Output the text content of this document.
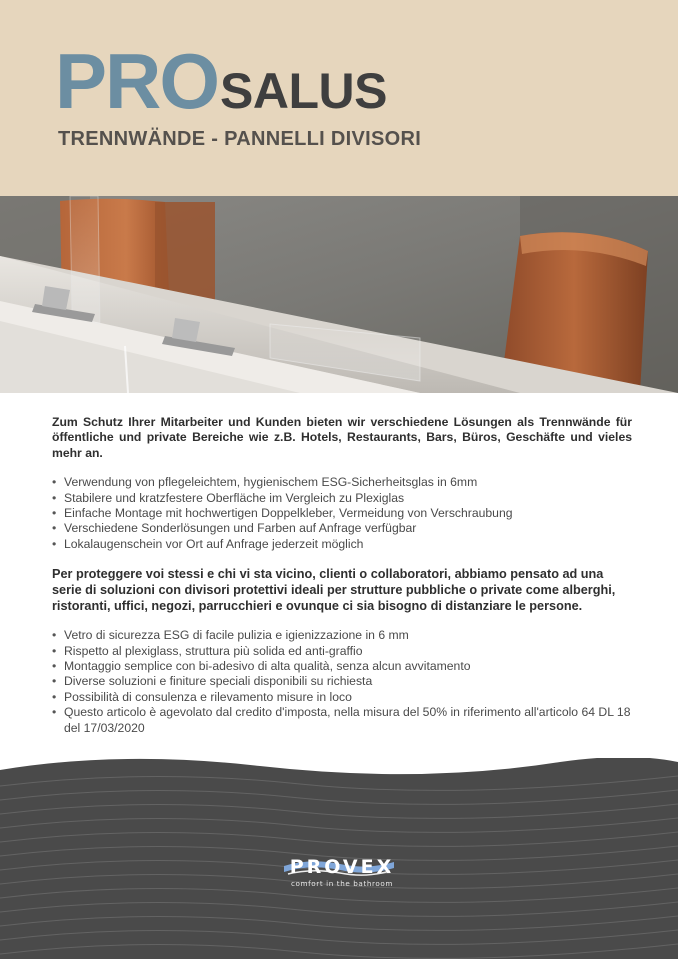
PROSALUS
TRENNWÄNDE - PANNELLI DIVISORI

Zum Schutz Ihrer Mitarbeiter und Kunden bieten wir verschiedene Lösungen als Trennwände für öffentliche und private Bereiche wie z.B. Hotels, Restaurants, Bars, Büros, Geschäfte und vieles mehr an.

• Verwendung von pflegeleichtem, hygienischem ESG-Sicherheitsglas in 6mm
• Stabilere und kratzfestere Oberfläche im Vergleich zu Plexiglas
• Einfache Montage mit hochwertigen Doppelkleber, Vermeidung von Verschraubung
• Verschiedene Sonderlösungen und Farben auf Anfrage verfügbar
• Lokalaugenschein vor Ort auf Anfrage jederzeit möglich

Per proteggere voi stessi e chi vi sta vicino, clienti o collaboratori, abbiamo pensato ad una serie di soluzioni con divisori protettivi ideali per strutture pubbliche o private come alberghi, ristoranti, uffici, negozi, parrucchieri e ovunque ci sia bisogno di distanziare le persone.

• Vetro di sicurezza ESG di facile pulizia e igienizzazione in 6 mm
• Rispetto al plexiglass, struttura più solida ed anti-graffio
• Montaggio semplice con bi-adesivo di alta qualità, senza alcun avvitamento
• Diverse soluzioni e finiture speciali disponibili su richiesta
• Possibilità di consulenza e rilevamento misure in loco
• Questo articolo è agevolato dal credito d'imposta, nella misura del 50% in riferimento all'articolo 64 DL 18 del 17/03/2020
PROVEX
comfort in the bathroom
